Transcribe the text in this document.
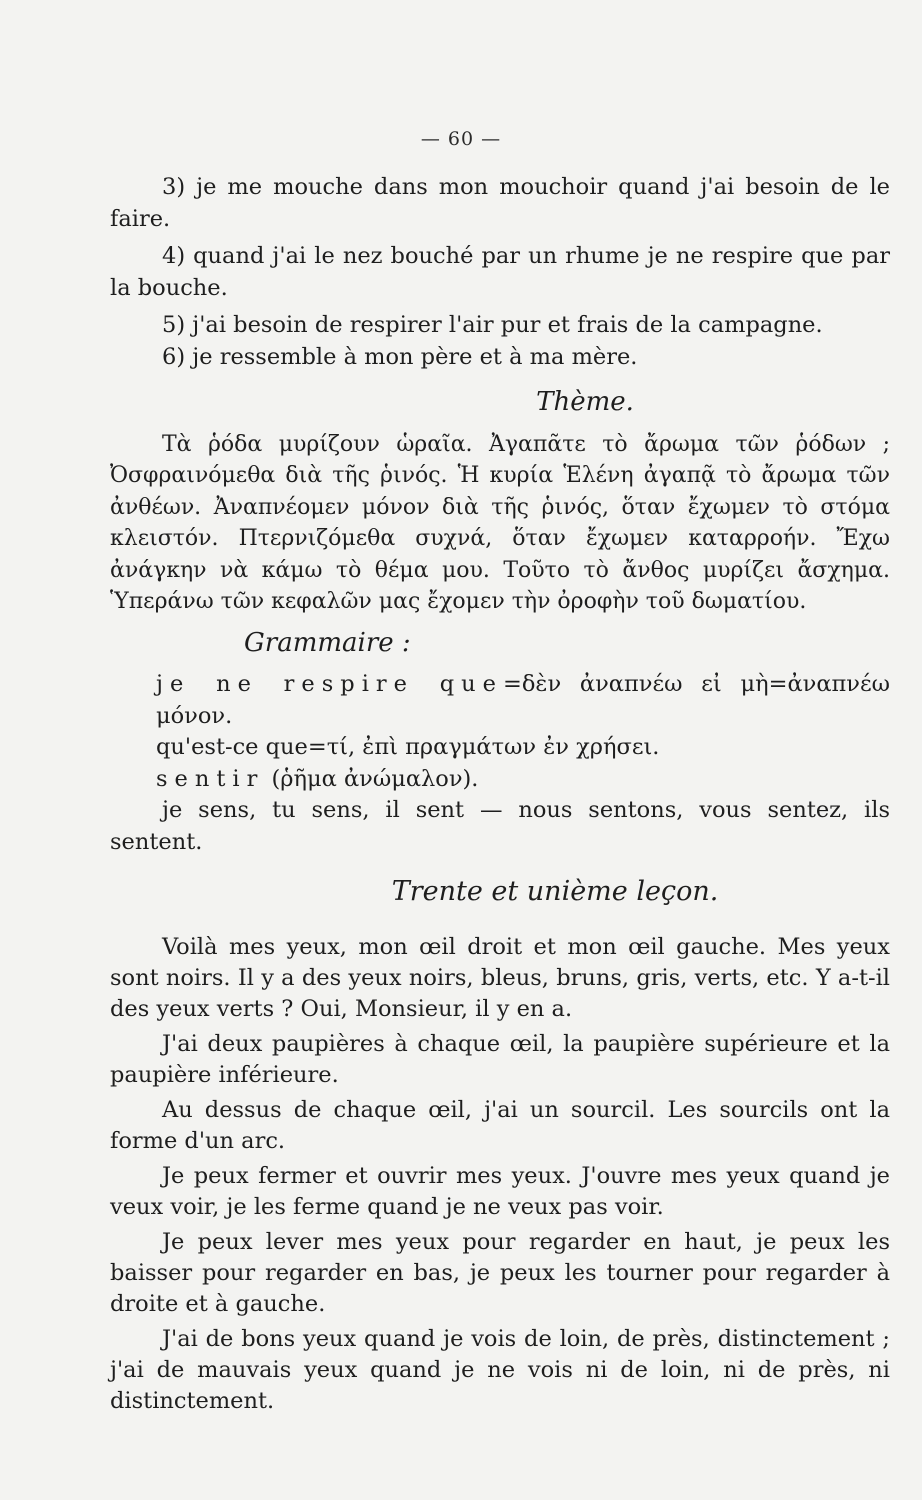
— 60 —

3) je me mouche dans mon mouchoir quand j'ai besoin de le faire.

4) quand j'ai le nez bouché par un rhume je ne respire que par la bouche.

5) j'ai besoin de respirer l'air pur et frais de la campagne.

6) je ressemble à mon père et à ma mère.

Thème.

Τὰ ῥόδα μυρίζουν ὡραῖα. Ἀγαπᾶτε τὸ ἄρωμα τῶν ῥόδων ; Ὀσφραινόμεθα διὰ τῆς ῥινός. Ἡ κυρία Ἑλένη ἀγαπᾷ τὸ ἄρωμα τῶν ἀνθέων. Ἀναπνέομεν μόνον διὰ τῆς ῥινός, ὅταν ἔχωμεν τὸ στόμα κλειστόν. Πτερνιζόμεθα συχνά, ὅταν ἔχωμεν καταρροήν. Ἔχω ἀνάγκην νὰ κάμω τὸ θέμα μου. Τοῦτο τὸ ἄνθος μυρίζει ἄσχημα. Ὑπεράνω τῶν κεφαλῶν μας ἔχομεν τὴν ὀροφὴν τοῦ δωματίου.

Grammaire :

je ne respire que=δὲν ἀναπνέω εἰ μὴ=ἀναπνέω μόνον.

qu'est-ce que=τί, ἐπὶ πραγμάτων ἐν χρήσει.

sentir (ῥῆμα ἀνώμαλον).

je sens, tu sens, il sent — nous sentons, vous sentez, ils sentent.

Trente et unième leçon.

Voilà mes yeux, mon œil droit et mon œil gauche. Mes yeux sont noirs. Il y a des yeux noirs, bleus, bruns, gris, verts, etc. Y a-t-il des yeux verts ? Oui, Monsieur, il y en a.

J'ai deux paupières à chaque œil, la paupière supérieure et la paupière inférieure.

Au dessus de chaque œil, j'ai un sourcil. Les sourcils ont la forme d'un arc.

Je peux fermer et ouvrir mes yeux. J'ouvre mes yeux quand je veux voir, je les ferme quand je ne veux pas voir.

Je peux lever mes yeux pour regarder en haut, je peux les baisser pour regarder en bas, je peux les tourner pour regarder à droite et à gauche.

J'ai de bons yeux quand je vois de loin, de près, distinctement ; j'ai de mauvais yeux quand je ne vois ni de loin, ni de près, ni distinctement.
